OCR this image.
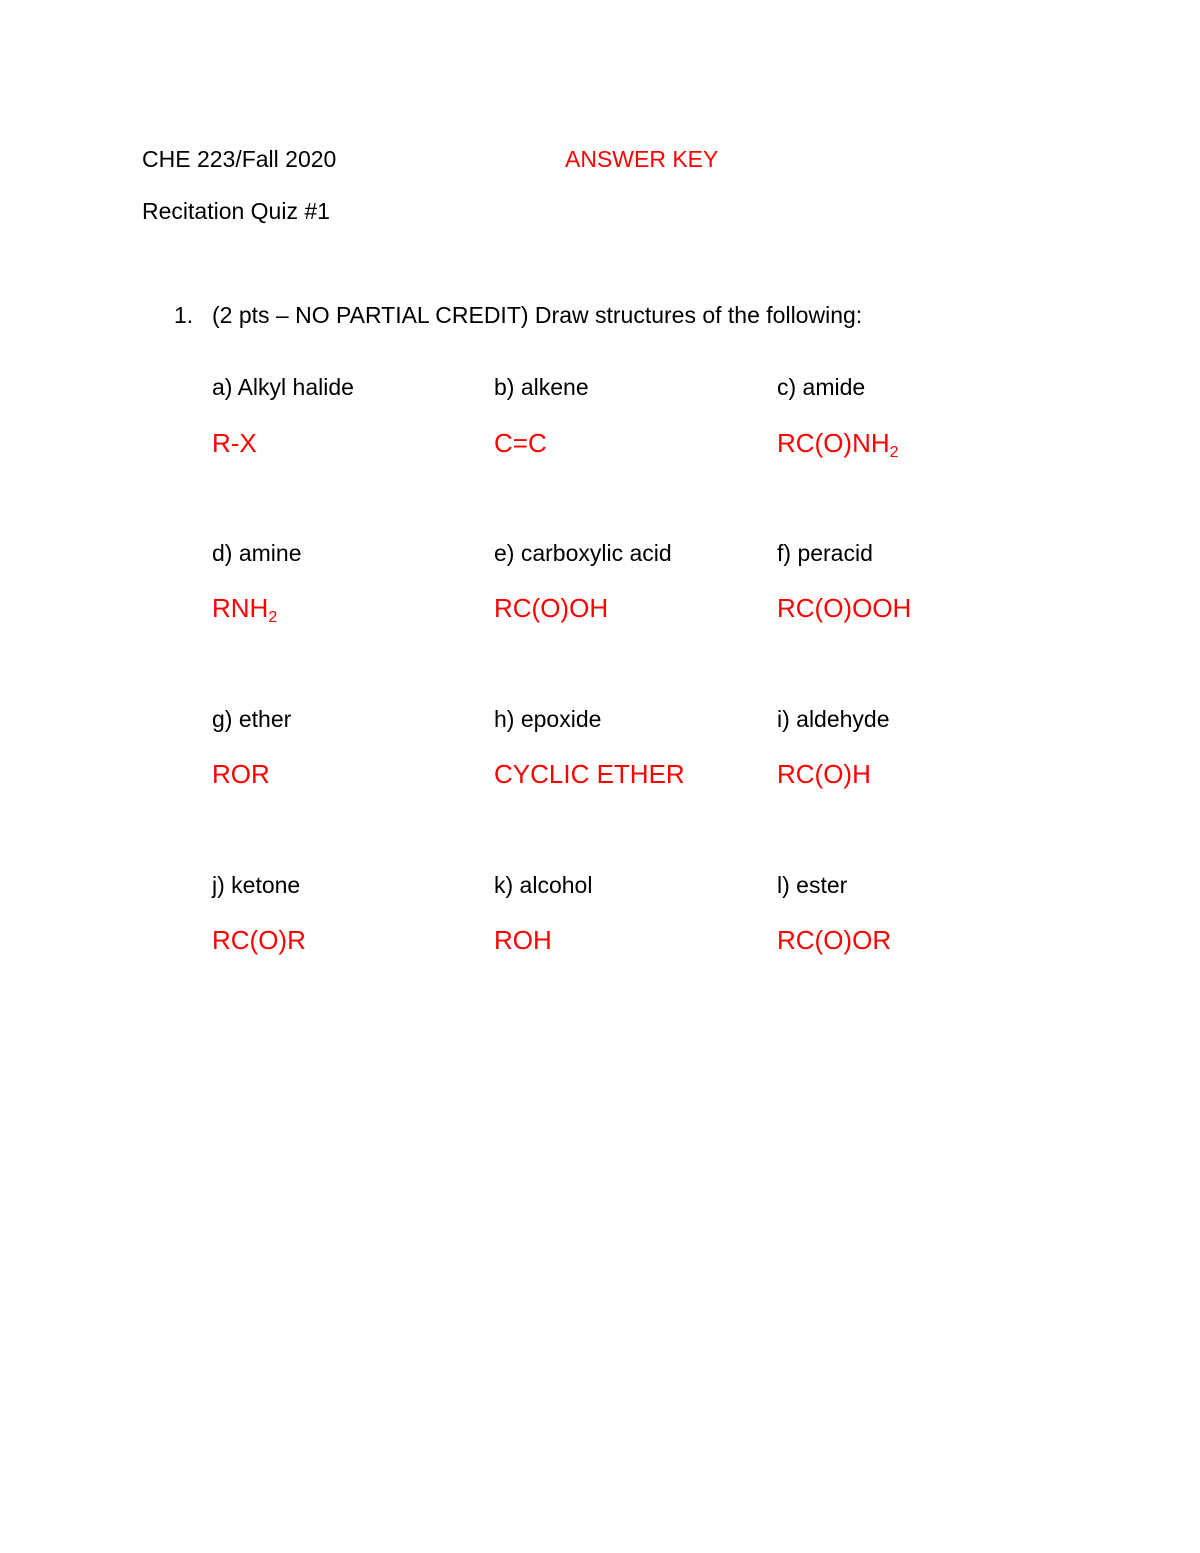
CHE 223/Fall 2020	ANSWER KEY
Recitation Quiz #1
1. (2 pts – NO PARTIAL CREDIT) Draw structures of the following:
a) Alkyl halide
R-X
b) alkene
C=C
c) amide
$RC(O)NH_2$
d) amine
$RNH_2$
e) carboxylic acid
RC(O)OH
f) peracid
RC(O)OOH
g) ether
ROR
h) epoxide
CYCLIC ETHER
i) aldehyde
RC(O)H
j) ketone
RC(O)R
k) alcohol
ROH
l) ester
RC(O)OR
